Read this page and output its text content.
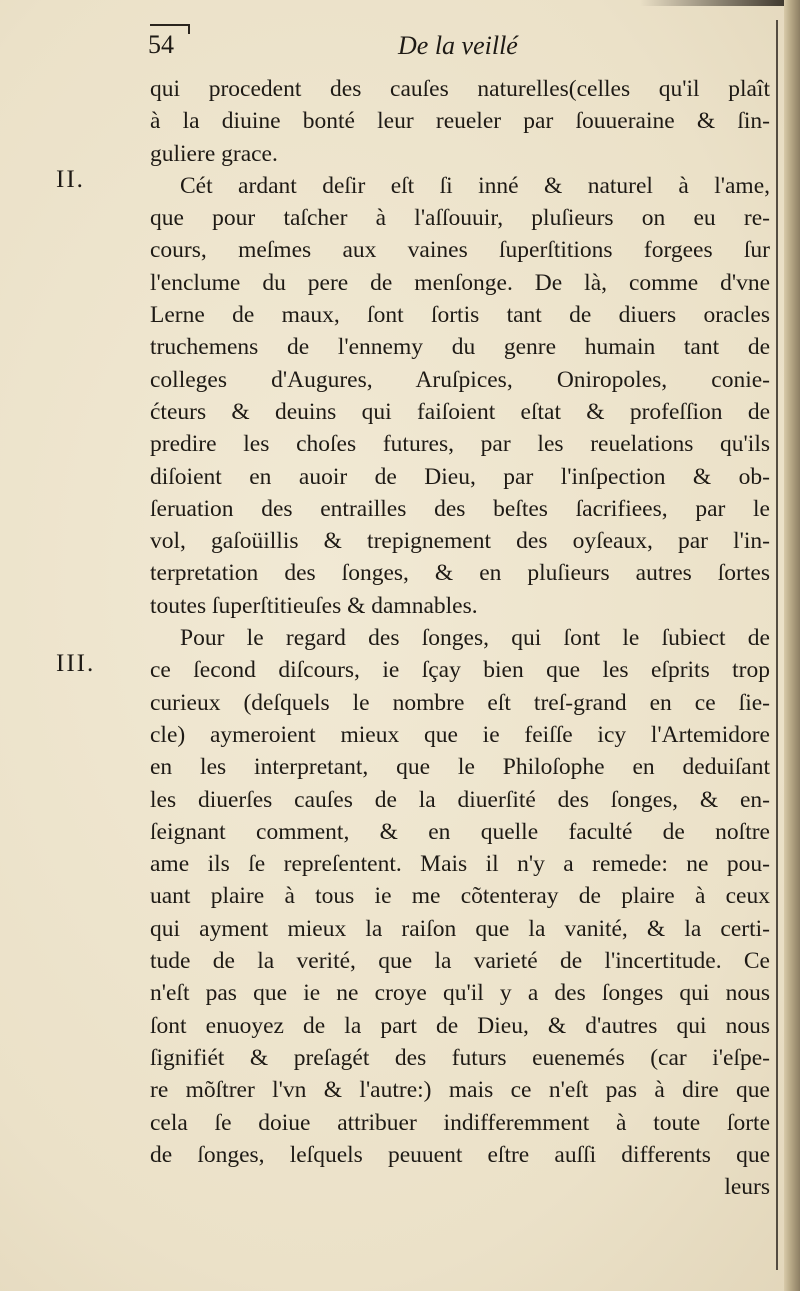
54	De la veillé
II.
III.
qui procedent des cauſes naturelles(celles qu'il plaît
à la diuine bonté leur reueler par ſouueraine & ſin-
guliere grace.
Cét ardant deſir eſt ſi inné & naturel à l'ame,
que pour taſcher à l'aſſouuir, pluſieurs on eu re-
cours, meſmes aux vaines ſuperſtitions forgees ſur
l'enclume du pere de menſonge. De là, comme d'vne
Lerne de maux, ſont ſortis tant de diuers oracles
truchemens de l'ennemy du genre humain tant de
colleges d'Augures, Aruſpices, Oniropoles, conie-
ćteurs & deuins qui faiſoient eſtat & profeſſion de
predire les choſes futures, par les reuelations qu'ils
diſoient en auoir de Dieu, par l'inſpection & ob-
ſeruation des entrailles des beſtes ſacrifiees, par le
vol, gaſoüillis & trepignement des oyſeaux, par l'in-
terpretation des ſonges, & en pluſieurs autres ſortes
toutes ſuperſtitieuſes & damnables.
Pour le regard des ſonges, qui ſont le ſubiect de
ce ſecond diſcours, ie ſçay bien que les eſprits trop
curieux (deſquels le nombre eſt treſ-grand en ce ſie-
cle) aymeroient mieux que ie feiſſe icy l'Artemidore
en les interpretant, que le Philoſophe en deduiſant
les diuerſes cauſes de la diuerſité des ſonges, & en-
ſeignant comment, & en quelle faculté de noſtre
ame ils ſe repreſentent. Mais il n'y a remede: ne pou-
uant plaire à tous ie me cõtenteray de plaire à ceux
qui ayment mieux la raiſon que la vanité, & la certi-
tude de la verité, que la varieté de l'incertitude. Ce
n'eſt pas que ie ne croye qu'il y a des ſonges qui nous
ſont enuoyez de la part de Dieu, & d'autres qui nous
ſignifiét & preſagét des futurs euenemés (car i'eſpe-
re mõſtrer l'vn & l'autre:) mais ce n'eſt pas à dire que
cela ſe doiue attribuer indifferemment à toute ſorte
de ſonges, leſquels peuuent eſtre auſſi differents que
leurs
